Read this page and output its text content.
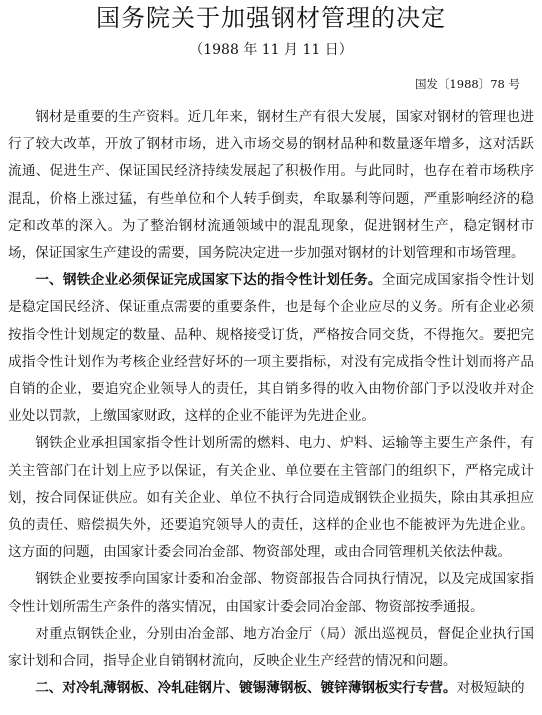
国务院关于加强钢材管理的决定
（1988 年 11 月 11 日）
国发〔1988〕78 号

钢材是重要的生产资料。近几年来，钢材生产有很大发展，国家对钢材的管理也进行了较大改革，开放了钢材市场，进入市场交易的钢材品种和数量逐年增多，这对活跃流通、促进生产、保证国民经济持续发展起了积极作用。与此同时，也存在着市场秩序混乱，价格上涨过猛，有些单位和个人转手倒卖，牟取暴利等问题，严重影响经济的稳定和改革的深入。为了整治钢材流通领域中的混乱现象，促进钢材生产，稳定钢材市场，保证国家生产建设的需要，国务院决定进一步加强对钢材的计划管理和市场管理。

一、钢铁企业必须保证完成国家下达的指令性计划任务。全面完成国家指令性计划是稳定国民经济、保证重点需要的重要条件，也是每个企业应尽的义务。所有企业必须按指令性计划规定的数量、品种、规格接受订货，严格按合同交货，不得拖欠。要把完成指令性计划作为考核企业经营好坏的一项主要指标，对没有完成指令性计划而将产品自销的企业，要追究企业领导人的责任，其自销多得的收入由物价部门予以没收并对企业处以罚款，上缴国家财政，这样的企业不能评为先进企业。

钢铁企业承担国家指令性计划所需的燃料、电力、炉料、运输等主要生产条件，有关主管部门在计划上应予以保证，有关企业、单位要在主管部门的组织下，严格完成计划，按合同保证供应。如有关企业、单位不执行合同造成钢铁企业损失，除由其承担应负的责任、赔偿损失外，还要追究领导人的责任，这样的企业也不能被评为先进企业。这方面的问题，由国家计委会同冶金部、物资部处理，或由合同管理机关依法仲裁。

钢铁企业要按季向国家计委和冶金部、物资部报告合同执行情况，以及完成国家指令性计划所需生产条件的落实情况，由国家计委会同冶金部、物资部按季通报。

对重点钢铁企业，分别由冶金部、地方冶金厅（局）派出巡视员，督促企业执行国家计划和合同，指导企业自销钢材流向，反映企业生产经营的情况和问题。

二、对冷轧薄钢板、冷轧硅钢片、镀锡薄钢板、镀锌薄钢板实行专营。对极短缺的
